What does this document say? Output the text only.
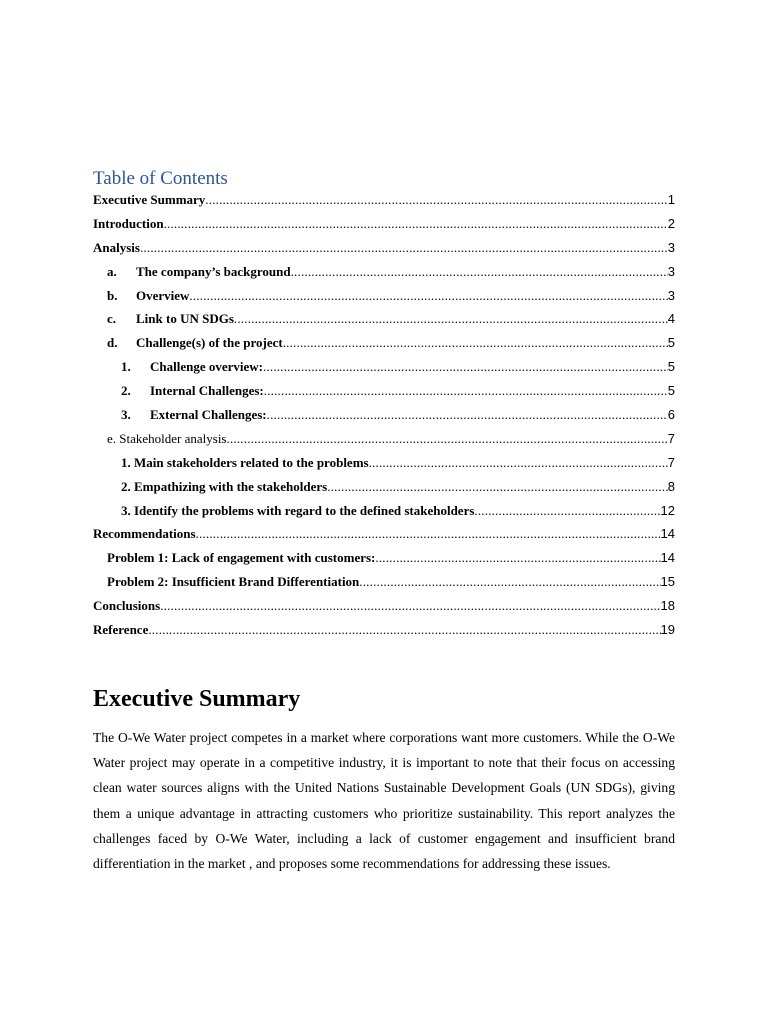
Table of Contents
Executive Summary .....	1
Introduction .....	2
Analysis .....	3
a.	The company’s background .....	3
b.	Overview .....	3
c.	Link to UN SDGs .....	4
d.	Challenge(s) of the project .....	5
1.	Challenge overview: .....	5
2.	Internal Challenges: .....	5
3.	External Challenges: .....	6
e. Stakeholder analysis .....	7
1. Main stakeholders related to the problems .....	7
2. Empathizing with the stakeholders .....	8
3. Identify the problems with regard to the defined stakeholders .....	12
Recommendations .....	14
Problem 1: Lack of engagement with customers: .....	14
Problem 2: Insufficient Brand Differentiation .....	15
Conclusions .....	18
Reference .....	19
Executive Summary

The O-We Water project competes in a market where corporations want more customers. While the O-We Water project may operate in a competitive industry, it is important to note that their focus on accessing clean water sources aligns with the United Nations Sustainable Development Goals (UN SDGs), giving them a unique advantage in attracting customers who prioritize sustainability. This report analyzes the challenges faced by O-We Water, including a lack of customer engagement and insufficient brand differentiation in the market , and proposes some recommendations for addressing these issues.
